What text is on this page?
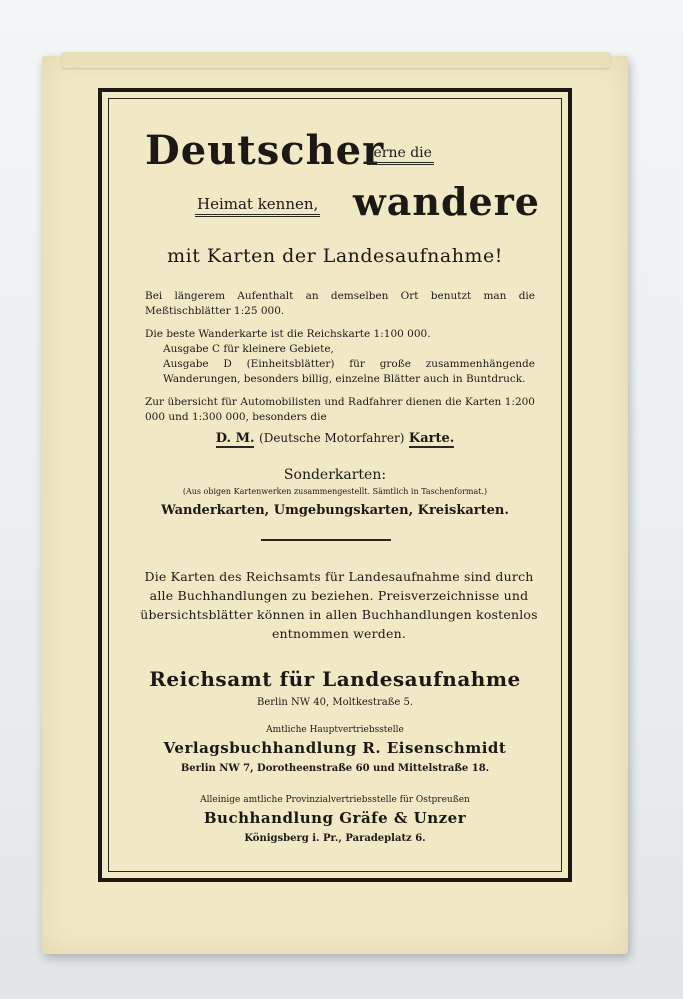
Deutscher
lerne die
Heimat kennen, wandere
mit Karten der Landesaufnahme!
Bei längerem Aufenthalt an demselben Ort benutzt man die Meßtischblätter 1:25 000.
Die beste Wanderkarte ist die Reichskarte 1:100 000.
Ausgabe C für kleinere Gebiete,
Ausgabe D (Einheitsblätter) für große zusammenhängende Wanderungen, besonders billig, einzelne Blätter auch in Buntdruck.
Zur übersicht für Automobilisten und Radfahrer dienen die Karten 1:200 000 und 1:300 000, besonders die
D. M. (Deutsche Motorfahrer) Karte.
Sonderkarten:
(Aus obigen Kartenwerken zusammengestellt. Sämtlich in Taschenformat.)
Wanderkarten, Umgebungskarten, Kreiskarten.
Die Karten des Reichsamts für Landesaufnahme sind durch alle Buchhandlungen zu beziehen. Preisverzeichnisse und übersichtsblätter können in allen Buchhandlungen kostenlos entnommen werden.
Reichsamt für Landesaufnahme
Berlin NW 40, Moltkestraße 5.
Amtliche Hauptvertriebsstelle
Verlagsbuchhandlung R. Eisenschmidt
Berlin NW 7, Dorotheenstraße 60 und Mittelstraße 18.
Alleinige amtliche Provinzialvertriebsstelle für Ostpreußen
Buchhandlung Gräfe & Unzer
Königsberg i. Pr., Paradeplatz 6.
